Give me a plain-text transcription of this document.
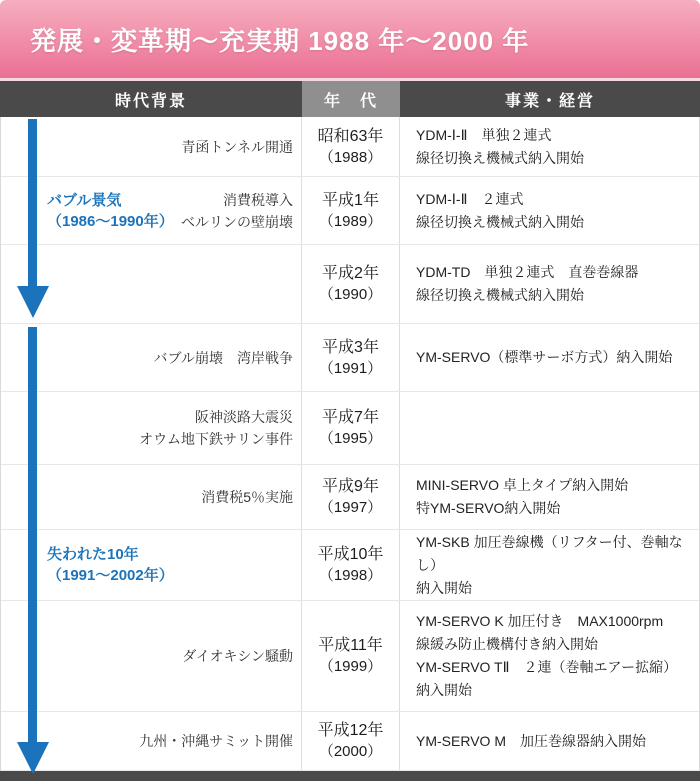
発展・変革期～充実期 1988 年～2000 年
時代背景	年　代	事業・経営
青函トンネル開通
昭和63年
（1988）
YDM-Ⅰ-Ⅱ　単独２連式
線径切換え機械式納入開始
バブル景気
（1986～1990年）
消費税導入
ベルリンの壁崩壊
平成1年
（1989）
YDM-Ⅰ-Ⅱ　２連式
線径切換え機械式納入開始
平成2年
（1990）
YDM-TD　単独２連式　直巻巻線器
線径切換え機械式納入開始
バブル崩壊　湾岸戦争
平成3年
（1991）
YM-SERVO（標準サーボ方式）納入開始
阪神淡路大震災
オウム地下鉄サリン事件
平成7年
（1995）
消費税5％実施
平成9年
（1997）
MINI-SERVO 卓上タイプ納入開始
特YM-SERVO納入開始
失われた10年
（1991～2002年）
平成10年
（1998）
YM-SKB 加圧巻線機（リフター付、巻軸なし）
納入開始
ダイオキシン騒動
平成11年
（1999）
YM-SERVO K 加圧付き　MAX1000rpm
線緩み防止機構付き納入開始
YM-SERVO TⅡ　２連（巻軸エアー拡縮）
納入開始
九州・沖縄サミット開催
平成12年
（2000）
YM-SERVO M　加圧巻線器納入開始
